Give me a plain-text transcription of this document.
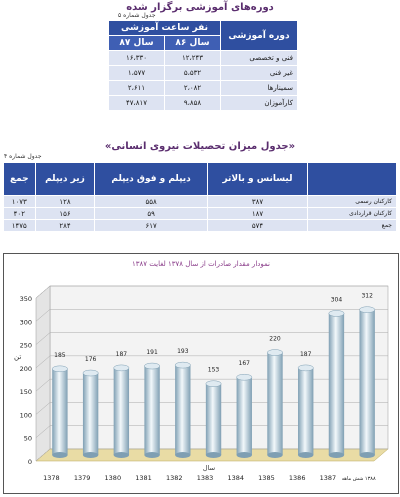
دوره‌های آموزشی برگزار شده
جدول شماره ۵
دوره آموزشی	نفر ساعت آموزشی	
	سال ۸۶	سال ۸۷
فنی و تخصصی	۱۲،۲۴۳	۱۶،۳۳۰
غیر فنی	۵،۵۳۲	۱،۵۷۷
سمینارها	۲،۰۸۲	۲،۶۱۱
کارآموزان	۹،۸۵۸	۴۷،۸۱۷
«جدول میزان تحصیلات نیروی انسانی»
جدول شماره ۴
	لیسانس و بالاتر	دیپلم و فوق دیپلم	زیر دیپلم	جمع
کارکنان رسمی	۳۸۷	۵۵۸	۱۲۸	۱۰۷۳
کارکنان قراردادی	۱۸۷	۵۹	۱۵۶	۴۰۲
جمع	۵۷۴	۶۱۷	۲۸۴	۱۴۷۵
نمودار مقدار صادرات از سال ۱۳۷۸ لغایت ۱۳۸۷
0
50
100
150
200
250
300
350
تن	185
1378
176
1379
187
1380
191
1381
193
1382
153
1383
167
1384
220
1385
187
1386
304
1387
312
۱۳۸۸ شش ماهه
سال
